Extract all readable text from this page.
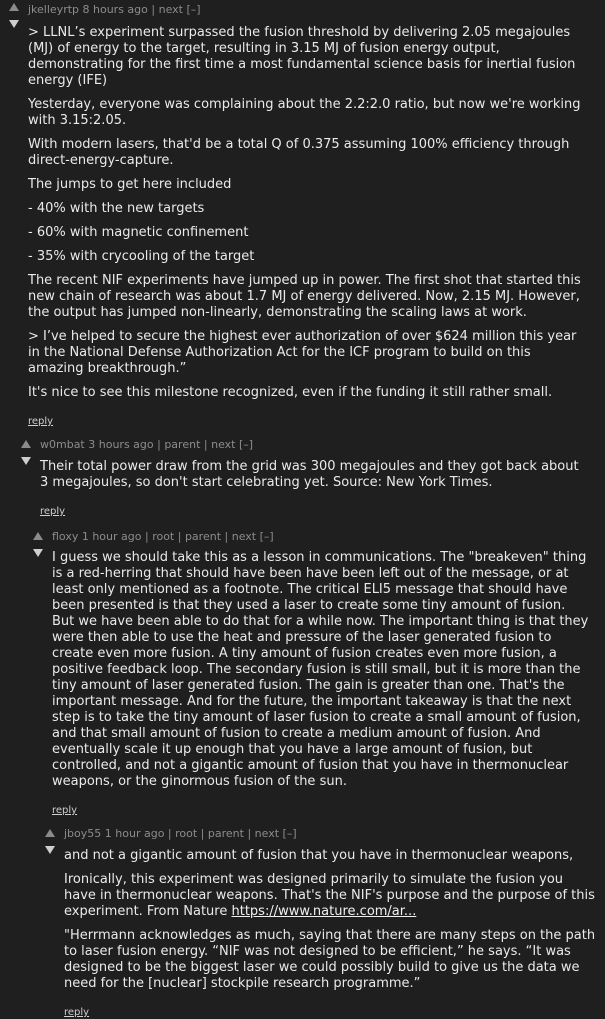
jkelleyrtp 8 hours ago | next [–]

> LLNL’s experiment surpassed the fusion threshold by delivering 2.05 megajoules (MJ) of energy to the target, resulting in 3.15 MJ of fusion energy output, demonstrating for the first time a most fundamental science basis for inertial fusion energy (IFE)

Yesterday, everyone was complaining about the 2.2:2.0 ratio, but now we're working with 3.15:2.05.

With modern lasers, that'd be a total Q of 0.375 assuming 100% efficiency through direct-energy-capture.

The jumps to get here included

- 40% with the new targets

- 60% with magnetic confinement

- 35% with crycooling of the target

The recent NIF experiments have jumped up in power. The first shot that started this new chain of research was about 1.7 MJ of energy delivered. Now, 2.15 MJ. However, the output has jumped non-linearly, demonstrating the scaling laws at work.

> I’ve helped to secure the highest ever authorization of over $624 million this year in the National Defense Authorization Act for the ICF program to build on this amazing breakthrough.”

It's nice to see this milestone recognized, even if the funding it still rather small.

reply
w0mbat 3 hours ago | parent | next [–]

Their total power draw from the grid was 300 megajoules and they got back about 3 megajoules, so don't start celebrating yet. Source: New York Times.

reply
floxy 1 hour ago | root | parent | next [–]

I guess we should take this as a lesson in communications. The "breakeven" thing is a red-herring that should have been have been left out of the message, or at least only mentioned as a footnote. The critical ELI5 message that should have been presented is that they used a laser to create some tiny amount of fusion. But we have been able to do that for a while now. The important thing is that they were then able to use the heat and pressure of the laser generated fusion to create even more fusion. A tiny amount of fusion creates even more fusion, a positive feedback loop. The secondary fusion is still small, but it is more than the tiny amount of laser generated fusion. The gain is greater than one. That's the important message. And for the future, the important takeaway is that the next step is to take the tiny amount of laser fusion to create a small amount of fusion, and that small amount of fusion to create a medium amount of fusion. And eventually scale it up enough that you have a large amount of fusion, but controlled, and not a gigantic amount of fusion that you have in thermonuclear weapons, or the ginormous fusion of the sun.

reply
jboy55 1 hour ago | root | parent | next [–]

and not a gigantic amount of fusion that you have in thermonuclear weapons,

Ironically, this experiment was designed primarily to simulate the fusion you have in thermonuclear weapons. That's the NIF's purpose and the purpose of this experiment. From Nature https://www.nature.com/ar...

"Herrmann acknowledges as much, saying that there are many steps on the path to laser fusion energy. “NIF was not designed to be efficient,” he says. “It was designed to be the biggest laser we could possibly build to give us the data we need for the [nuclear] stockpile research programme.”

reply
